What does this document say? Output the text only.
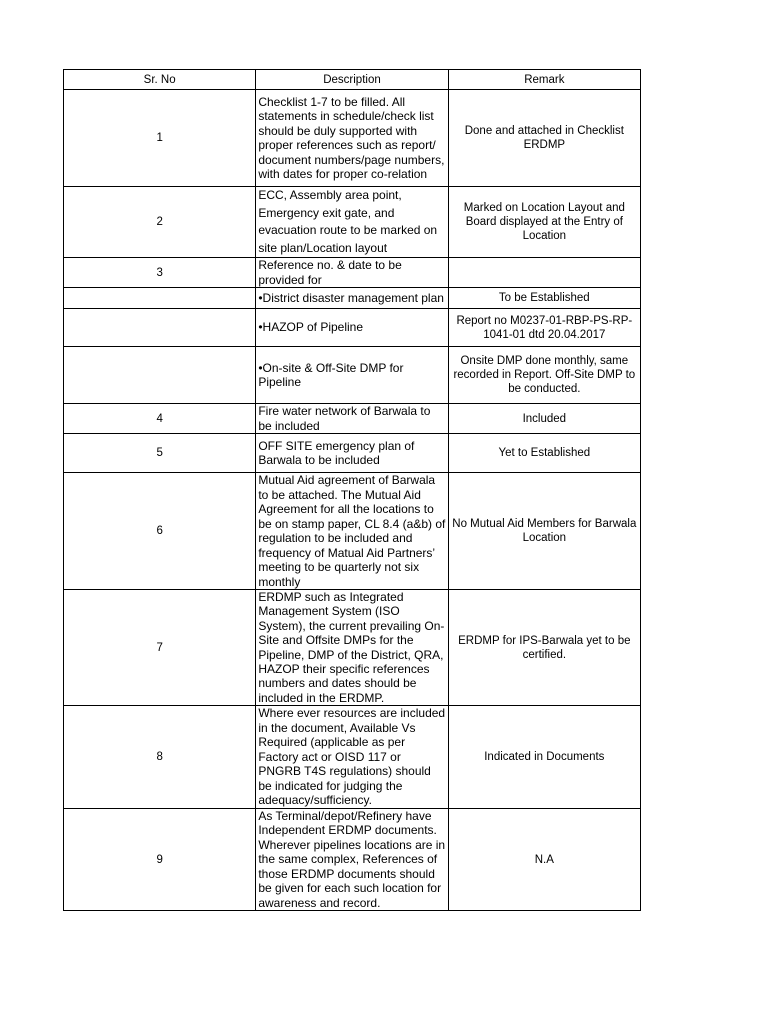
Sr. No	Description	Remark
1	Checklist 1-7 to be filled. All statements in schedule/check list should be duly supported with proper references such as report/ document numbers/page numbers, with dates for proper co-relation	Done and attached in Checklist ERDMP
2	ECC, Assembly area point, Emergency exit gate, and evacuation route to be marked on site plan/Location layout	Marked on Location Layout and Board displayed at the Entry of Location
3	Reference no. & date to be provided for	
	•District disaster management plan	To be Established
	•HAZOP of Pipeline	Report no M0237-01-RBP-PS-RP-1041-01 dtd 20.04.2017
	•On-site & Off-Site DMP for Pipeline	Onsite DMP done monthly, same recorded in Report. Off-Site DMP to be conducted.
4	Fire water network of Barwala to be included	Included
5	OFF SITE emergency plan of Barwala to be included	Yet to Established
6	Mutual Aid agreement of Barwala to be attached. The Mutual Aid Agreement for all the locations to be on stamp paper, CL 8.4 (a&b) of regulation to be included and frequency of Matual Aid Partners’ meeting to be quarterly not six monthly	No Mutual Aid Members for Barwala Location
7	ERDMP such as Integrated Management System (ISO System), the current prevailing On-Site and Offsite DMPs for the Pipeline, DMP of the District, QRA, HAZOP their specific references numbers and dates should be included in the ERDMP.	ERDMP for IPS-Barwala yet to be certified.
8	Where ever resources are included in the document, Available Vs Required (applicable as per Factory act or OISD 117 or PNGRB T4S regulations) should be indicated for judging the adequacy/sufficiency.	Indicated in Documents
9	As Terminal/depot/Refinery have Independent ERDMP documents. Wherever pipelines locations are in the same complex, References of those ERDMP documents should be given for each such location for awareness and record.	N.A
